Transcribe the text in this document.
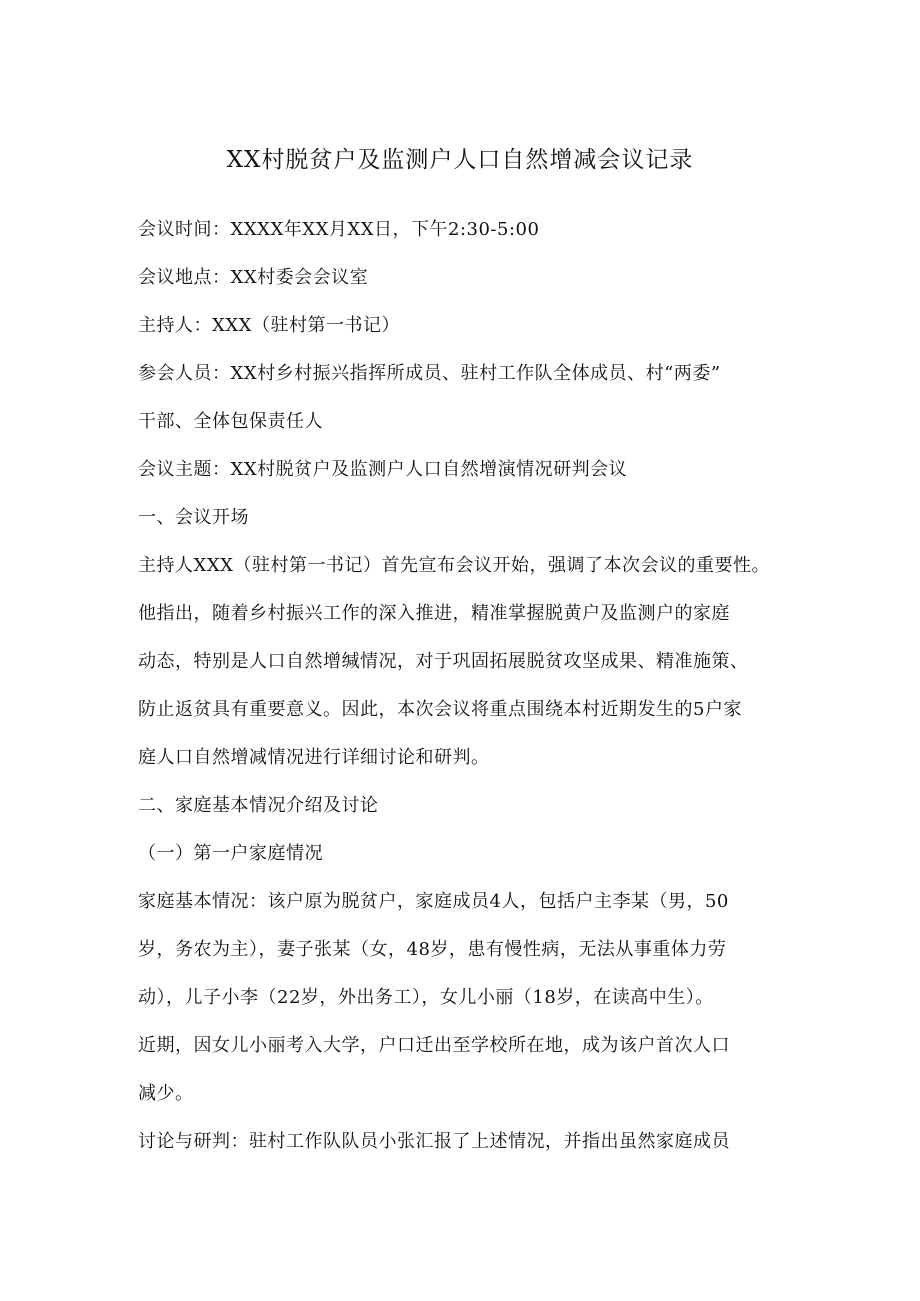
XX村脱贫户及监测户人口自然增减会议记录
会议时间：XXXX年XX月XX日，下午2:30-5:00
会议地点：XX村委会会议室
主持人：XXX（驻村第一书记）
参会人员：XX村乡村振兴指挥所成员、驻村工作队全体成员、村“两委”
干部、全体包保责任人
会议主题：XX村脱贫户及监测户人口自然增演情况研判会议
一、会议开场
主持人XXX（驻村第一书记）首先宣布会议开始，强调了本次会议的重要性。
他指出，随着乡村振兴工作的深入推进，精准掌握脱黄户及监测户的家庭
动态，特别是人口自然增缄情况，对于巩固拓展脱贫攻坚成果、精准施策、
防止返贫具有重要意义。因此，本次会议将重点围绕本村近期发生的5户家
庭人口自然增减情况进行详细讨论和研判。
二、家庭基本情况介绍及讨论
（一）第一户家庭情况
家庭基本情况：该户原为脱贫户，家庭成员4人，包括户主李某（男，50
岁，务农为主），妻子张某（女，48岁，患有慢性病，无法从事重体力劳
动），儿子小李（22岁，外出务工），女儿小丽（18岁，在读高中生）。
近期，因女儿小丽考入大学，户口迁出至学校所在地，成为该户首次人口
减少。
讨论与研判：驻村工作队队员小张汇报了上述情况，并指出虽然家庭成员
